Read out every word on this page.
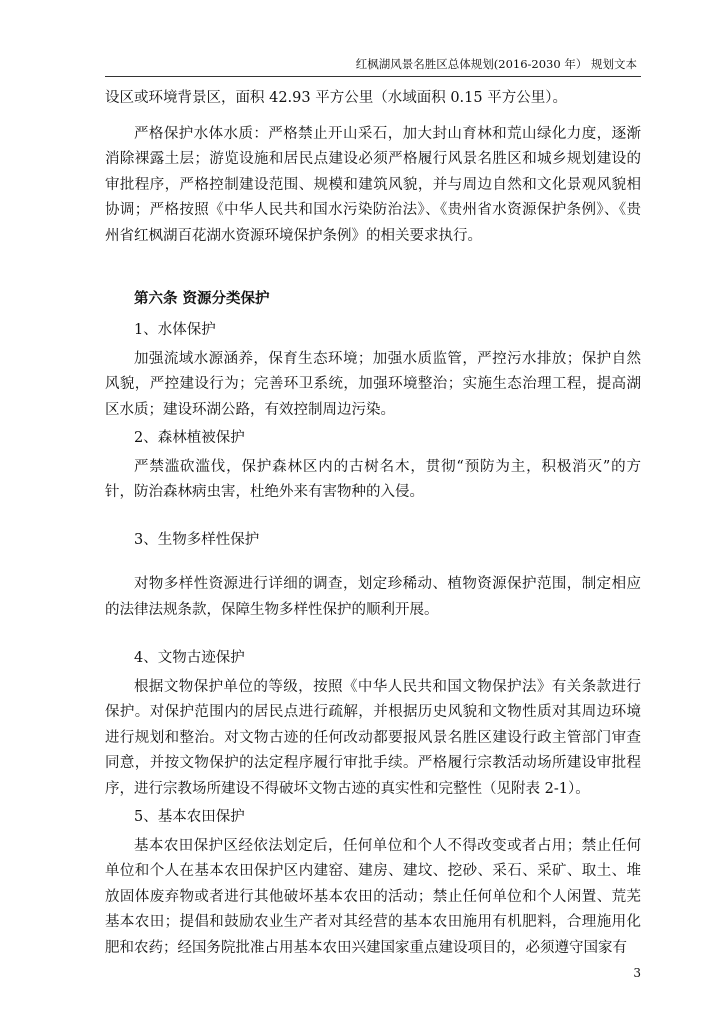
红枫湖风景名胜区总体规划(2016-2030 年） 规划文本

设区或环境背景区，面积 42.93 平方公里（水域面积 0.15 平方公里）。

严格保护水体水质：严格禁止开山采石，加大封山育林和荒山绿化力度，逐渐消除裸露土层；游览设施和居民点建设必须严格履行风景名胜区和城乡规划建设的审批程序，严格控制建设范围、规模和建筑风貌，并与周边自然和文化景观风貌相协调；严格按照《中华人民共和国水污染防治法》、《贵州省水资源保护条例》、《贵州省红枫湖百花湖水资源环境保护条例》的相关要求执行。

第六条 资源分类保护

1、水体保护

加强流域水源涵养，保育生态环境；加强水质监管，严控污水排放；保护自然风貌，严控建设行为；完善环卫系统，加强环境整治；实施生态治理工程，提高湖区水质；建设环湖公路，有效控制周边污染。

2、森林植被保护

严禁滥砍滥伐，保护森林区内的古树名木，贯彻“预防为主，积极消灭”的方针，防治森林病虫害，杜绝外来有害物种的入侵。

3、生物多样性保护

对物多样性资源进行详细的调查，划定珍稀动、植物资源保护范围，制定相应的法律法规条款，保障生物多样性保护的顺利开展。

4、文物古迹保护

根据文物保护单位的等级，按照《中华人民共和国文物保护法》有关条款进行保护。对保护范围内的居民点进行疏解，并根据历史风貌和文物性质对其周边环境进行规划和整治。对文物古迹的任何改动都要报风景名胜区建设行政主管部门审查同意，并按文物保护的法定程序履行审批手续。严格履行宗教活动场所建设审批程序，进行宗教场所建设不得破坏文物古迹的真实性和完整性（见附表 2-1）。

5、基本农田保护

基本农田保护区经依法划定后，任何单位和个人不得改变或者占用；禁止任何单位和个人在基本农田保护区内建窑、建房、建坟、挖砂、采石、采矿、取土、堆放固体废弃物或者进行其他破坏基本农田的活动；禁止任何单位和个人闲置、荒芜基本农田；提倡和鼓励农业生产者对其经营的基本农田施用有机肥料，合理施用化肥和农药；经国务院批准占用基本农田兴建国家重点建设项目的，必须遵守国家有

3
